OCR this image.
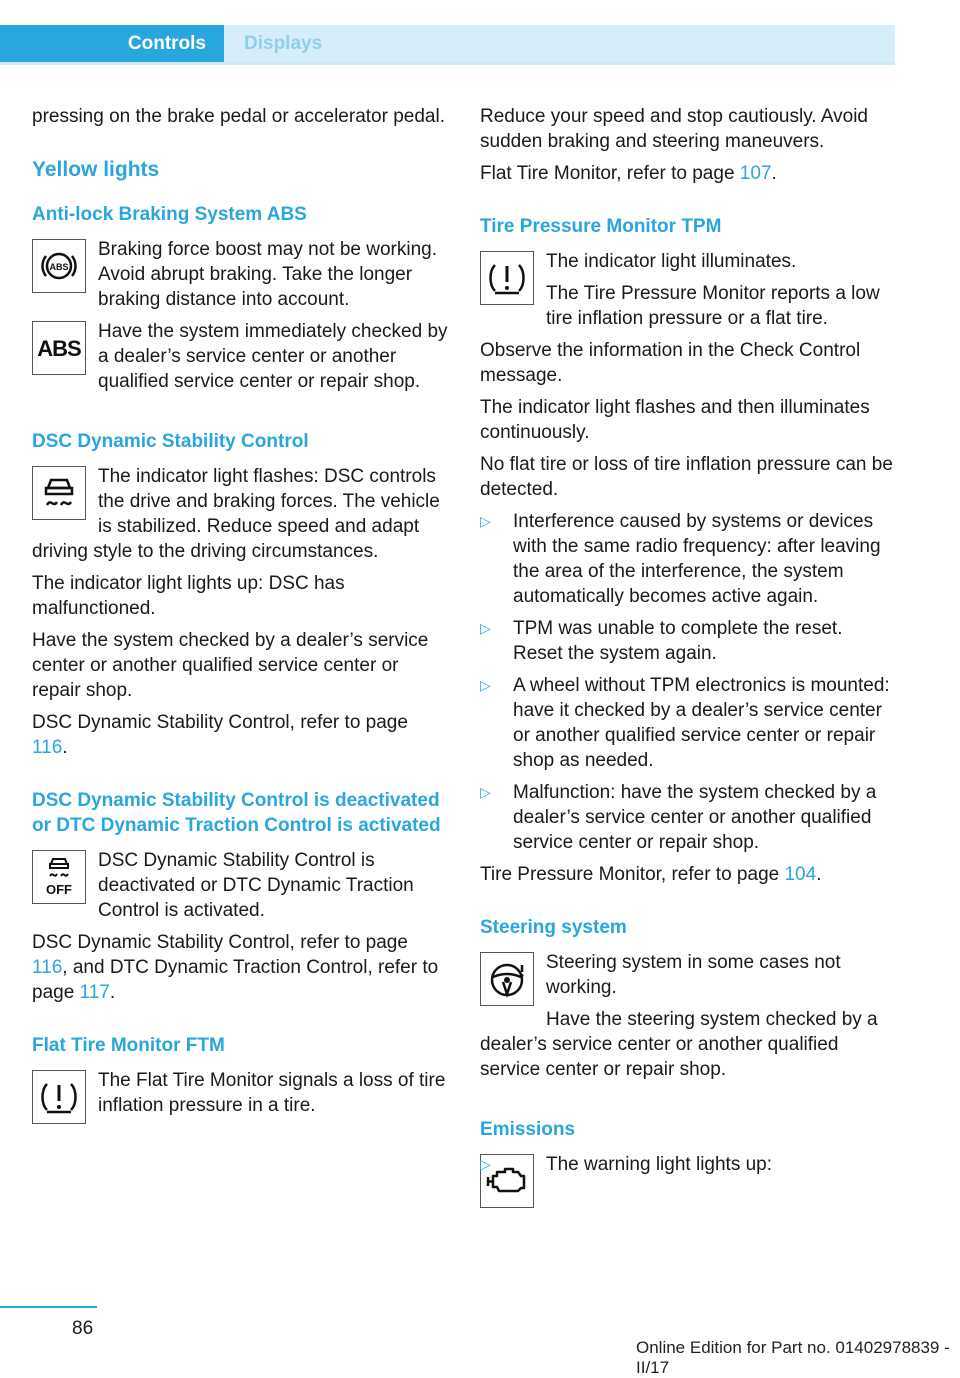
Controls	Displays

pressing on the brake pedal or accelerator pedal.

Yellow lights
Anti-lock Braking System ABS
ABS

Braking force boost may not be working. Avoid abrupt braking. Take the longer braking distance into account.

ABS

Have the system immediately checked by a dealer’s service center or another qualified service center or repair shop.

DSC Dynamic Stability Control

The indicator light flashes: DSC controls the drive and braking forces. The vehicle is stabilized. Reduce speed and adapt driving style to the driving circumstances.

The indicator light lights up: DSC has malfunctioned.

Have the system checked by a dealer’s service center or another qualified service center or repair shop.

DSC Dynamic Stability Control, refer to page 116.

DSC Dynamic Stability Control is deactivated or DTC Dynamic Traction Control is activated
OFF

DSC Dynamic Stability Control is deactivated or DTC Dynamic Traction Control is activated.

DSC Dynamic Stability Control, refer to page 116, and DTC Dynamic Traction Control, refer to page 117.

Flat Tire Monitor FTM

The Flat Tire Monitor signals a loss of tire inflation pressure in a tire.

Reduce your speed and stop cautiously. Avoid sudden braking and steering maneuvers.

Flat Tire Monitor, refer to page 107.

Tire Pressure Monitor TPM

The indicator light illuminates.

The Tire Pressure Monitor reports a low tire inflation pressure or a flat tire.

Observe the information in the Check Control message.

The indicator light flashes and then illuminates continuously.

No flat tire or loss of tire inflation pressure can be detected.

▷ Interference caused by systems or devices with the same radio frequency: after leaving the area of the interference, the system automatically becomes active again.
▷ TPM was unable to complete the reset. Reset the system again.
▷ A wheel without TPM electronics is mounted: have it checked by a dealer’s service center or another qualified service center or repair shop as needed.
▷ Malfunction: have the system checked by a dealer’s service center or another qualified service center or repair shop.

Tire Pressure Monitor, refer to page 104.

Steering system

Steering system in some cases not working.

Have the steering system checked by a dealer’s service center or another qualified service center or repair shop.

Emissions
▷	The warning light lights up:
86
Online Edition for Part no. 01402978839 - II/17
